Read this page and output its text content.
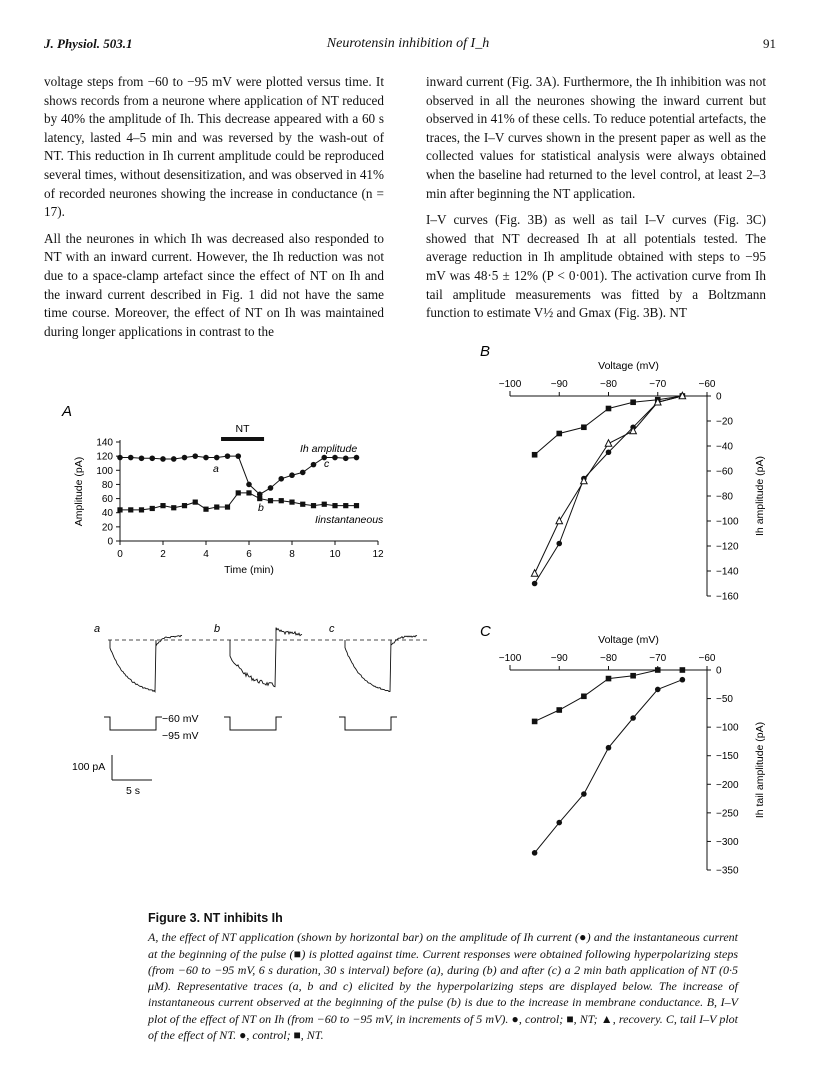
J. Physiol. 503.1	Neurotensin inhibition of I_h	91

voltage steps from −60 to −95 mV were plotted versus time. It shows records from a neurone where application of NT reduced by 40% the amplitude of Ih. This decrease appeared with a 60 s latency, lasted 4–5 min and was reversed by the wash-out of NT. This reduction in Ih current amplitude could be reproduced several times, without desensitization, and was observed in 41% of recorded neurones showing the increase in conductance (n = 17).

All the neurones in which Ih was decreased also responded to NT with an inward current. However, the Ih reduction was not due to a space-clamp artefact since the effect of NT on Ih and the inward current described in Fig. 1 did not have the same time course. Moreover, the effect of NT on Ih was maintained during longer applications in contrast to the

inward current (Fig. 3A). Furthermore, the Ih inhibition was not observed in all the neurones showing the inward current but observed in 41% of these cells. To reduce potential artefacts, the traces, the I–V curves shown in the present paper as well as the collected values for statistical analysis were always obtained when the baseline had returned to the level control, at least 2–3 min after beginning the NT application.

I–V curves (Fig. 3B) as well as tail I–V curves (Fig. 3C) showed that NT decreased Ih at all potentials tested. The average reduction in Ih amplitude obtained with steps to −95 mV was 48·5 ± 12% (P < 0·001). The activation curve from Ih tail amplitude measurements was fitted by a Boltzmann function to estimate V½ and Gmax (Fig. 3B). NT

A
0	2	4	6	8	10	12
0
20
40
60
80
100
120
140
Time (min)
Amplitude (pA)
NT
Ih amplitude
Iinstantaneous
a
b
c
a	b	c
−60 mV
−95 mV
100 pA
5 s
B
−100	−90	−80	−70	−60
Voltage (mV)
0
−20
−40
−60
−80
−100
−120
−140
−160
Ih amplitude (pA)
C
−100	−90	−80	−70	−60
Voltage (mV)
0
−50
−100
−150
−200
−250
−300
−350
Ih tail amplitude (pA)
Figure 3. NT inhibits Ih
A, the effect of NT application (shown by horizontal bar) on the amplitude of Ih current (●) and the instantaneous current at the beginning of the pulse (■) is plotted against time. Current responses were obtained following hyperpolarizing steps (from −60 to −95 mV, 6 s duration, 30 s interval) before (a), during (b) and after (c) a 2 min bath application of NT (0·5 μM). Representative traces (a, b and c) elicited by the hyperpolarizing steps are displayed below. The increase of instantaneous current observed at the beginning of the pulse (b) is due to the increase in membrane conductance. B, I–V plot of the effect of NT on Ih (from −60 to −95 mV, in increments of 5 mV). ●, control; ■, NT; ▲, recovery. C, tail I–V plot of the effect of NT. ●, control; ■, NT.
